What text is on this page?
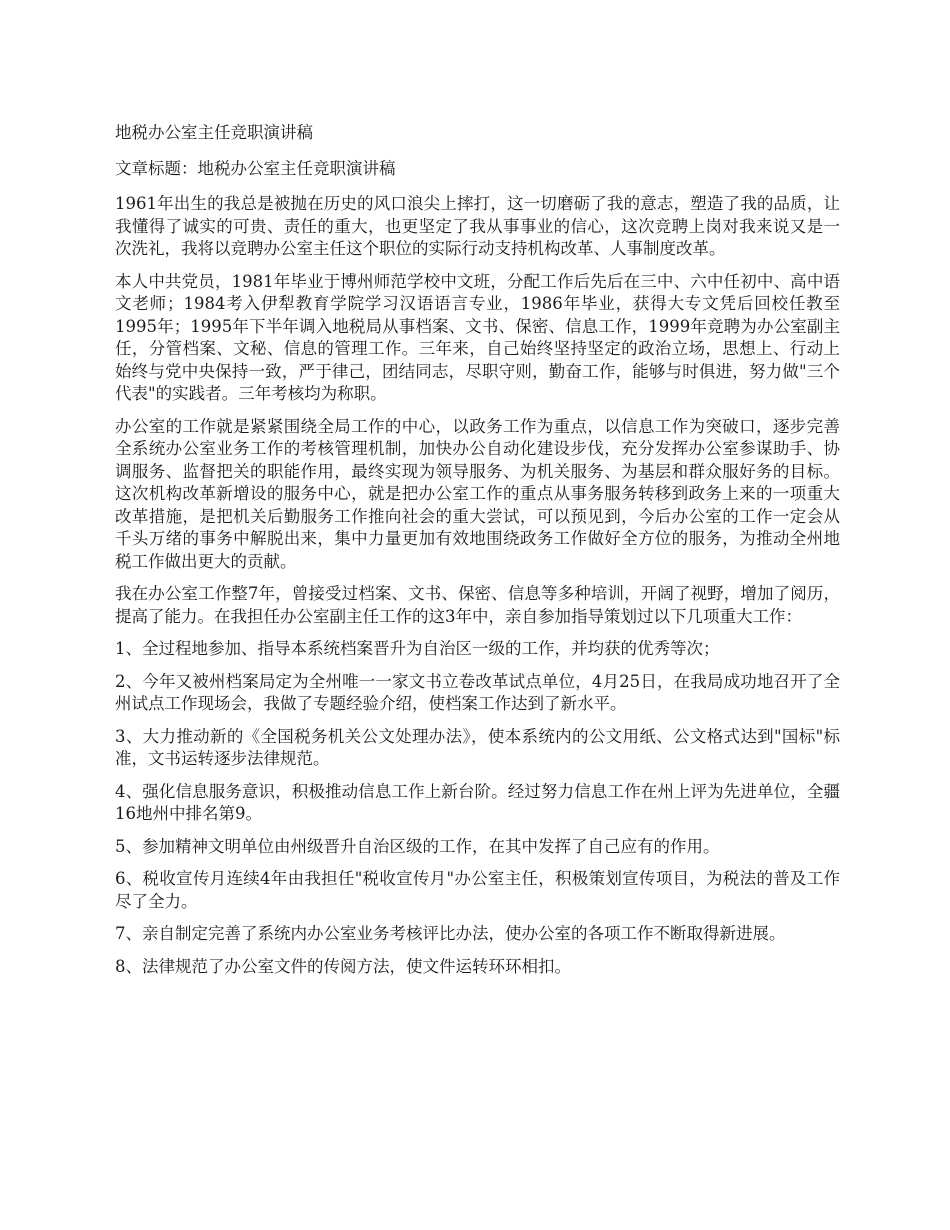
地税办公室主任竞职演讲稿

文章标题：地税办公室主任竞职演讲稿

1961年出生的我总是被抛在历史的风口浪尖上摔打，这一切磨砺了我的意志，塑造了我的品质，让我懂得了诚实的可贵、责任的重大，也更坚定了我从事事业的信心，这次竞聘上岗对我来说又是一次洗礼，我将以竞聘办公室主任这个职位的实际行动支持机构改革、人事制度改革。

本人中共党员，1981年毕业于博州师范学校中文班，分配工作后先后在三中、六中任初中、高中语文老师；1984考入伊犁教育学院学习汉语语言专业，1986年毕业，获得大专文凭后回校任教至1995年；1995年下半年调入地税局从事档案、文书、保密、信息工作，1999年竞聘为办公室副主任，分管档案、文秘、信息的管理工作。三年来，自己始终坚持坚定的政治立场，思想上、行动上始终与党中央保持一致，严于律己，团结同志，尽职守则，勤奋工作，能够与时俱进，努力做"三个代表"的实践者。三年考核均为称职。

办公室的工作就是紧紧围绕全局工作的中心，以政务工作为重点，以信息工作为突破口，逐步完善全系统办公室业务工作的考核管理机制，加快办公自动化建设步伐，充分发挥办公室参谋助手、协调服务、监督把关的职能作用，最终实现为领导服务、为机关服务、为基层和群众服好务的目标。这次机构改革新增设的服务中心，就是把办公室工作的重点从事务服务转移到政务上来的一项重大改革措施，是把机关后勤服务工作推向社会的重大尝试，可以预见到，今后办公室的工作一定会从千头万绪的事务中解脱出来，集中力量更加有效地围绕政务工作做好全方位的服务，为推动全州地税工作做出更大的贡献。

我在办公室工作整7年，曾接受过档案、文书、保密、信息等多种培训，开阔了视野，增加了阅历，提高了能力。在我担任办公室副主任工作的这3年中，亲自参加指导策划过以下几项重大工作：

1、全过程地参加、指导本系统档案晋升为自治区一级的工作，并均获的优秀等次；

2、今年又被州档案局定为全州唯一一家文书立卷改革试点单位，4月25日，在我局成功地召开了全州试点工作现场会，我做了专题经验介绍，使档案工作达到了新水平。

3、大力推动新的《全国税务机关公文处理办法》，使本系统内的公文用纸、公文格式达到"国标"标准，文书运转逐步法律规范。

4、强化信息服务意识，积极推动信息工作上新台阶。经过努力信息工作在州上评为先进单位，全疆16地州中排名第9。

5、参加精神文明单位由州级晋升自治区级的工作，在其中发挥了自己应有的作用。

6、税收宣传月连续4年由我担任"税收宣传月"办公室主任，积极策划宣传项目，为税法的普及工作尽了全力。

7、亲自制定完善了系统内办公室业务考核评比办法，使办公室的各项工作不断取得新进展。

8、法律规范了办公室文件的传阅方法，使文件运转环环相扣。
